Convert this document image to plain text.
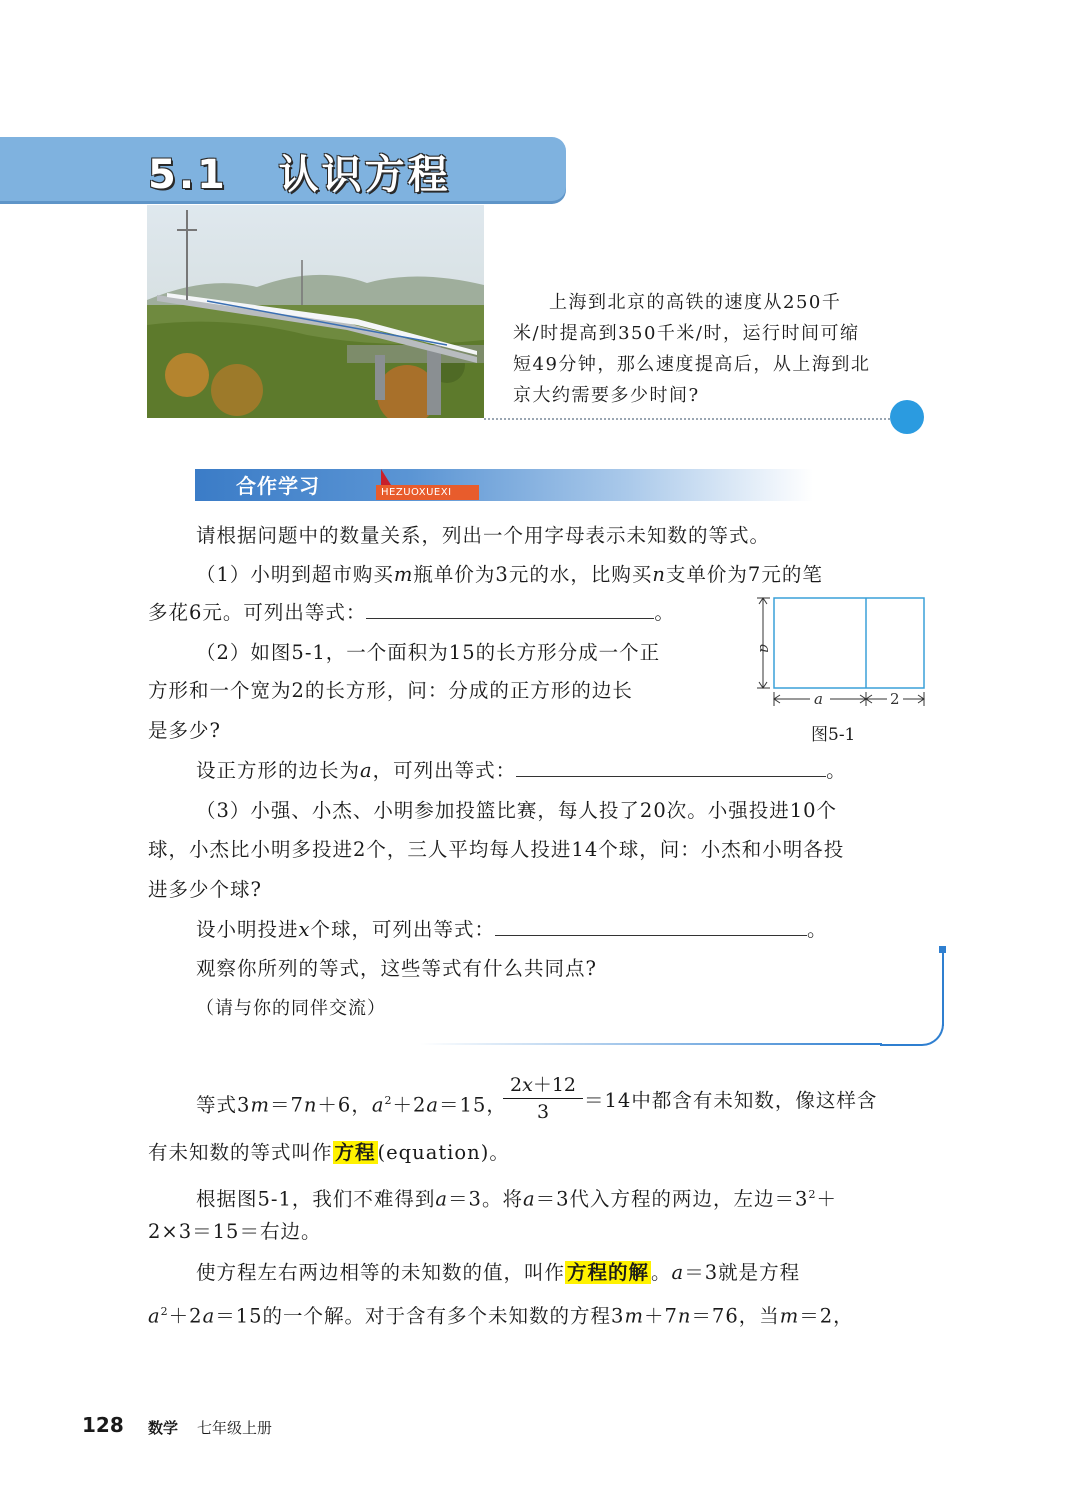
5.1 认识方程
上海到北京的高铁的速度从250千
米/时提高到350千米/时，运行时间可缩
短49分钟，那么速度提高后，从上海到北
京大约需要多少时间?
合作学习	HEZUOXUEXI
请根据问题中的数量关系，列出一个用字母表示未知数的等式。
（1）小明到超市购买m瓶单价为3元的水，比购买n支单价为7元的笔
多花6元。可列出等式：	。
（2）如图5-1，一个面积为15的长方形分成一个正
方形和一个宽为2的长方形，问：分成的正方形的边长
是多少?
设正方形的边长为a，可列出等式：	。
a
a	2
图5-1
（3）小强、小杰、小明参加投篮比赛，每人投了20次。小强投进10个
球，小杰比小明多投进2个，三人平均每人投进14个球，问：小杰和小明各投
进多少个球?
设小明投进x个球，可列出等式：	。
观察你所列的等式，这些等式有什么共同点?
（请与你的同伴交流）
等式3m＝7n＋6，$a^2+2a=15$，
$\frac{2x+12}{3} =14$中都含有未知数，像这样含
有未知数的等式叫作 方程 (equation)。
根据图5-1，我们不难得到a＝3。将a＝3代入方程的两边，左边$=3^2+$
2×3＝15＝右边。
使方程左右两边相等的未知数的值，叫作 方程的解 。a＝3就是方程
$a^2+2a=15$的一个解。对于含有多个未知数的方程3m＋7n＝76，当m＝2，
128 数学 七年级上册
